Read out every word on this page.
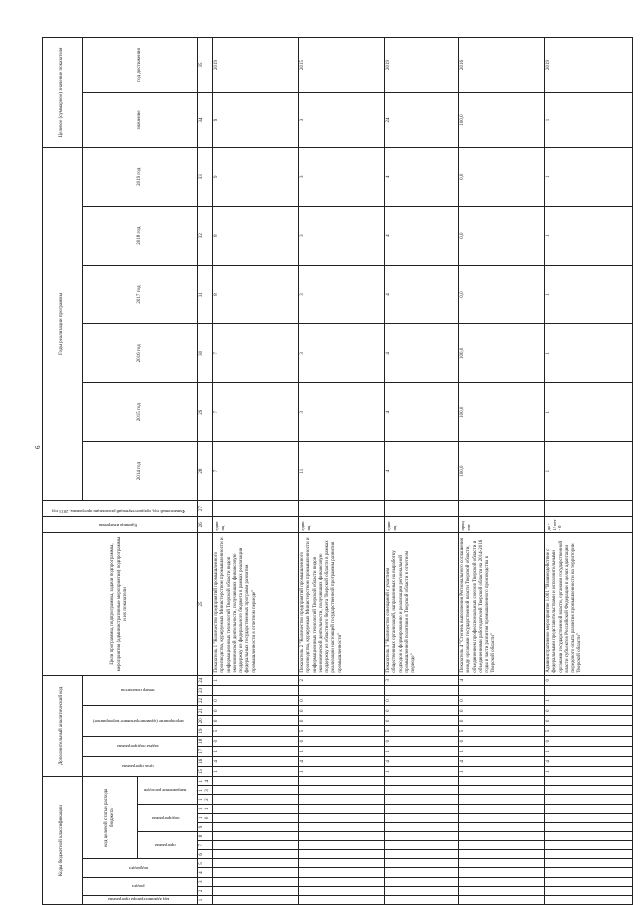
6
Коды бюджетной классификации														Дополнительный аналитический код										Цели программы, подпрограммы, задачи подпрограммы, мероприятия (административные мероприятия) подпрограммы и их показатели	Единица измерения	Финансовый год, предшествующий реализации программы, 2013 год	Годы реализации программы						Целевое (суммарное) значение показателя	
код администратора программы	раздел		подраздел		код целевой статьи расхода бюджета									цель программы		задача подпрограммы		мероприятие (административное мероприятие)			номер показателя						2014 год	2015 год	2016 год	2017 год	2018 год	2019 год	значение	год достижения
					программа			подпрограмма			направление расходов																							
1	2	3	4	5	6	7	8	9	10	11	12	13	14	15	16	17	18	19	20	21	22	23	24	25	26	27	28	29	30	31	32	33	34	35
														1	4	1	0	5	0	0	0		1	Показатель 1 "Количество предприятий промышленного производства, курируемых Министерством промышленности и информационных технологий Тверской области видов экономической деятельности, получивших финансовую поддержку из федерального бюджета в рамках реализации федеральных государственных программ развития промышленности в отчетном периоде"	единиц		7	7	7	8	8	9	9	2019
														1	4	1	0	5	0	0	0		2	Показатель 2 "Количество предприятий промышленного производства, курируемых Министерством промышленности и информационных технологий Тверской области видов экономической деятельности, получивших финансовую поддержку из областного бюджета Тверской области в рамках реализации настоящей государственной программы развития промышленности"	единиц		11	3	3	3	3	3	3	2015
														1	4	1	0	5	0	0	0		3	Показатель 3 "Количество совещаний с участием общественных организаций, направленных на выработку подходов к формированию и реализации региональной промышленной политики в Тверской области в отчетном периоде"	единиц		4	4	4	4	4	4	24	2019
														1	4	1	0	5	0	0	0		4	Показатель 4 "Степень выполнения Регионального соглашения между органами государственной власти Тверской области, объединением профессиональных союзов Тверской области и объединениями работодателей Тверской области на 2014-2016 годы в части развития промышленного производства в Тверской области"	процент		100,0	100,0	100,0	0,0	0,0	0,0	100,0	2016
														1	4	1	0	5	0	0	1		0	Административное мероприятие 1.001 "Взаимодействие с федеральными представительствами и исполнительными органами государственной власти, органами государственной власти субъектов Российской Федерации в целях адаптации передового опыта развития промышленности на территории Тверской области"	да - 1/ нет - 0		1	1	1	1	1	1	1	2019
